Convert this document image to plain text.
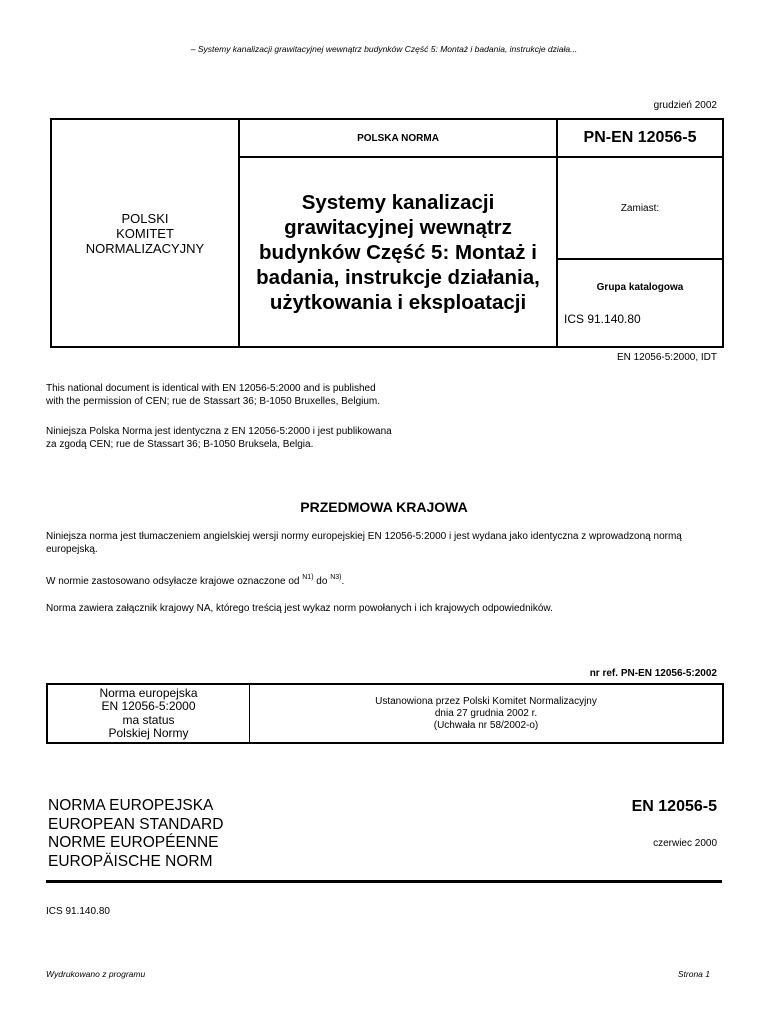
– Systemy kanalizacji grawitacyjnej wewnątrz budynków Część 5: Montaż i badania, instrukcje działa...
grudzień 2002
POLSKI
KOMITET
NORMALIZACYJNY
POLSKA NORMA
Systemy kanalizacji grawitacyjnej wewnątrz budynków Część 5: Montaż i badania, instrukcje działania, użytkowania i eksploatacji
PN-EN 12056-5
Zamiast:
Grupa katalogowa
ICS 91.140.80
EN 12056-5:2000, IDT
This national document is identical with EN 12056-5:2000 and is published
with the permission of CEN; rue de Stassart 36; B-1050 Bruxelles, Belgium.
Niniejsza Polska Norma jest identyczna z EN 12056-5:2000 i jest publikowana
za zgodą CEN; rue de Stassart 36; B-1050 Bruksela, Belgia.
PRZEDMOWA KRAJOWA
Niniejsza norma jest tłumaczeniem angielskiej wersji normy europejskiej EN 12056-5:2000 i jest wydana jako identyczna z wprowadzoną normą europejską.
W normie zastosowano odsyłacze krajowe oznaczone od $^{N1)}$ do $^{N3)}$.
Norma zawiera załącznik krajowy NA, którego treścią jest wykaz norm powołanych i ich krajowych odpowiedników.
nr ref. PN-EN 12056-5:2002
Norma europejska
EN 12056-5:2000
ma status
Polskiej Normy
Ustanowiona przez Polski Komitet Normalizacyjny
dnia 27 grudnia 2002 r.
(Uchwała nr 58/2002-o)
NORMA EUROPEJSKA
EUROPEAN STANDARD
NORME EUROPÉENNE
EUROPÄISCHE NORM
EN 12056-5
czerwiec 2000
ICS 91.140.80
Wydrukowano z programu	Strona 1
